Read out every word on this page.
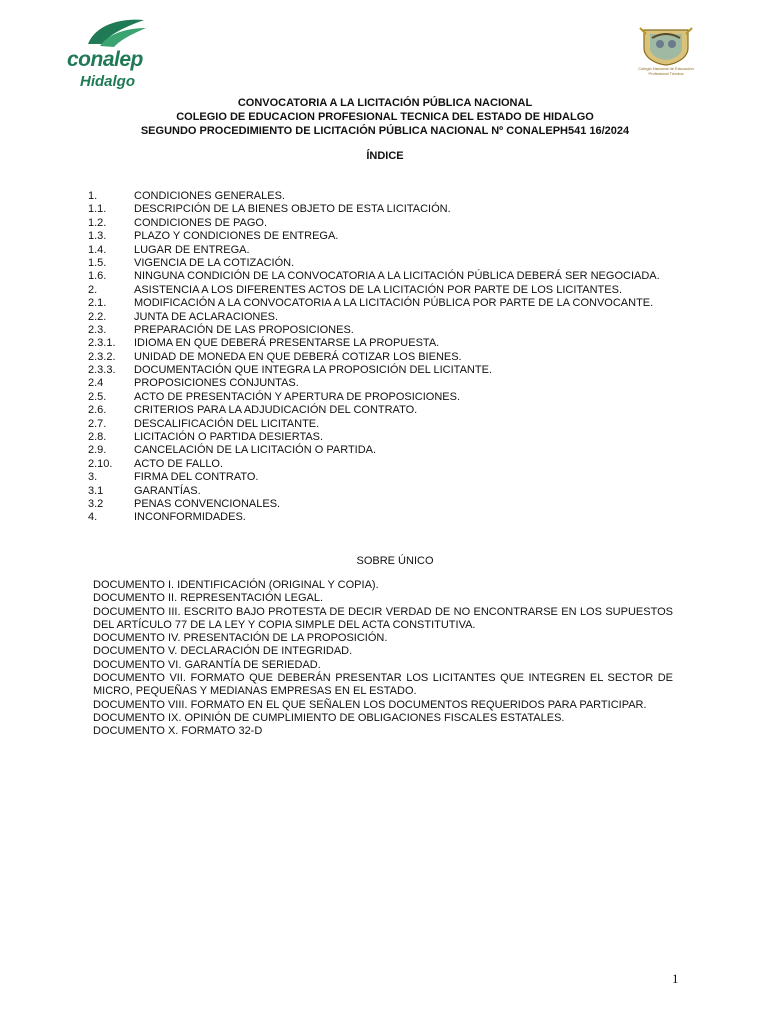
conalep
Hidalgo
Colegio Nacional de Educación Profesional Técnica
CONVOCATORIA A LA LICITACIÓN PÚBLICA NACIONAL
COLEGIO DE EDUCACION PROFESIONAL TECNICA DEL ESTADO DE HIDALGO
SEGUNDO PROCEDIMIENTO DE LICITACIÓN PÚBLICA NACIONAL Nº CONALEPH541 16/2024
ÍNDICE
1.	CONDICIONES GENERALES.
1.1.	DESCRIPCIÓN DE LA BIENES OBJETO DE ESTA LICITACIÓN.
1.2.	CONDICIONES DE PAGO.
1.3.	PLAZO Y CONDICIONES DE ENTREGA.
1.4.	LUGAR DE ENTREGA.
1.5.	VIGENCIA DE LA COTIZACIÓN.
1.6.	NINGUNA CONDICIÓN DE LA CONVOCATORIA A LA LICITACIÓN PÚBLICA DEBERÁ SER NEGOCIADA.
2.	ASISTENCIA A LOS DIFERENTES ACTOS DE LA LICITACIÓN POR PARTE DE LOS LICITANTES.
2.1.	MODIFICACIÓN A LA CONVOCATORIA A LA LICITACIÓN PÚBLICA POR PARTE DE LA CONVOCANTE.
2.2.	JUNTA DE ACLARACIONES.
2.3.	PREPARACIÓN DE LAS PROPOSICIONES.
2.3.1. IDIOMA EN QUE DEBERÁ PRESENTARSE LA PROPUESTA.
2.3.2. UNIDAD DE MONEDA EN QUE DEBERÁ COTIZAR LOS BIENES.
2.3.3. DOCUMENTACIÓN QUE INTEGRA LA PROPOSICIÓN DEL LICITANTE.
2.4	PROPOSICIONES CONJUNTAS.
2.5.	ACTO DE PRESENTACIÓN Y APERTURA DE PROPOSICIONES.
2.6.	CRITERIOS PARA LA ADJUDICACIÓN DEL CONTRATO.
2.7.	DESCALIFICACIÓN DEL LICITANTE.
2.8.	LICITACIÓN O PARTIDA DESIERTAS.
2.9.	CANCELACIÓN DE LA LICITACIÓN O PARTIDA.
2.10. ACTO DE FALLO.
3.	FIRMA DEL CONTRATO.
3.1	GARANTÍAS.
3.2	PENAS CONVENCIONALES.
4.	INCONFORMIDADES.
SOBRE ÚNICO

DOCUMENTO I. IDENTIFICACIÓN (ORIGINAL Y COPIA).

DOCUMENTO II. REPRESENTACIÓN LEGAL.

DOCUMENTO III. ESCRITO BAJO PROTESTA DE DECIR VERDAD DE NO ENCONTRARSE EN LOS SUPUESTOS DEL ARTÍCULO 77 DE LA LEY Y COPIA SIMPLE DEL ACTA CONSTITUTIVA.

DOCUMENTO IV. PRESENTACIÓN DE LA PROPOSICIÓN.

DOCUMENTO V. DECLARACIÓN DE INTEGRIDAD.

DOCUMENTO VI. GARANTÍA DE SERIEDAD.

DOCUMENTO VII. FORMATO QUE DEBERÁN PRESENTAR LOS LICITANTES QUE INTEGREN EL SECTOR DE MICRO, PEQUEÑAS Y MEDIANAS EMPRESAS EN EL ESTADO.

DOCUMENTO VIII. FORMATO EN EL QUE SEÑALEN LOS DOCUMENTOS REQUERIDOS PARA PARTICIPAR.

DOCUMENTO IX. OPINIÓN DE CUMPLIMIENTO DE OBLIGACIONES FISCALES ESTATALES.

DOCUMENTO X. FORMATO 32-D

1
